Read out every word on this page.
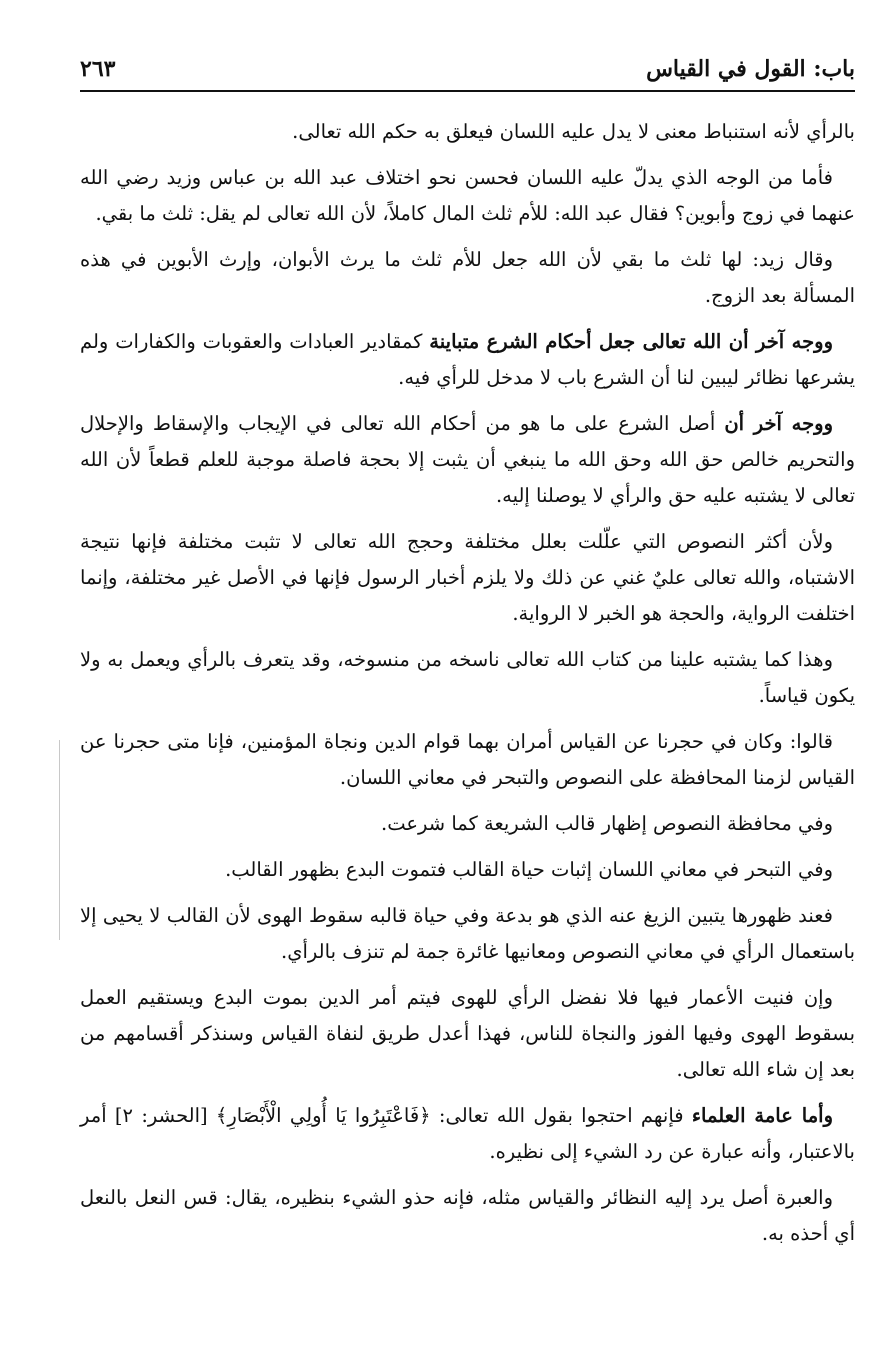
باب: القول في القياس
٢٦٣

بالرأي لأنه استنباط معنى لا يدل عليه اللسان فيعلق به حكم الله تعالى.

فأما من الوجه الذي يدلّ عليه اللسان فحسن نحو اختلاف عبد الله بن عباس وزيد رضي الله عنهما في زوج وأبوين؟ فقال عبد الله: للأم ثلث المال كاملاً، لأن الله تعالى لم يقل: ثلث ما بقي.

وقال زيد: لها ثلث ما بقي لأن الله جعل للأم ثلث ما يرث الأبوان، وإرث الأبوين في هذه المسألة بعد الزوج.

ووجه آخر أن الله تعالى جعل أحكام الشرع متباينة كمقادير العبادات والعقوبات والكفارات ولم يشرعها نظائر ليبين لنا أن الشرع باب لا مدخل للرأي فيه.

ووجه آخر أن أصل الشرع على ما هو من أحكام الله تعالى في الإيجاب والإسقاط والإحلال والتحريم خالص حق الله وحق الله ما ينبغي أن يثبت إلا بحجة فاصلة موجبة للعلم قطعاً لأن الله تعالى لا يشتبه عليه حق والرأي لا يوصلنا إليه.

ولأن أكثر النصوص التي علّلت بعلل مختلفة وحجج الله تعالى لا تثبت مختلفة فإنها نتيجة الاشتباه، والله تعالى عليٌ غني عن ذلك ولا يلزم أخبار الرسول فإنها في الأصل غير مختلفة، وإنما اختلفت الرواية، والحجة هو الخبر لا الرواية.

وهذا كما يشتبه علينا من كتاب الله تعالى ناسخه من منسوخه، وقد يتعرف بالرأي ويعمل به ولا يكون قياساً.

قالوا: وكان في حجرنا عن القياس أمران بهما قوام الدين ونجاة المؤمنين، فإنا متى حجرنا عن القياس لزمنا المحافظة على النصوص والتبحر في معاني اللسان.

وفي محافظة النصوص إظهار قالب الشريعة كما شرعت.

وفي التبحر في معاني اللسان إثبات حياة القالب فتموت البدع بظهور القالب.

فعند ظهورها يتبين الزيغ عنه الذي هو بدعة وفي حياة قالبه سقوط الهوى لأن القالب لا يحيى إلا باستعمال الرأي في معاني النصوص ومعانيها غائرة جمة لم تنزف بالرأي.

وإن فنيت الأعمار فيها فلا نفضل الرأي للهوى فيتم أمر الدين بموت البدع ويستقيم العمل بسقوط الهوى وفيها الفوز والنجاة للناس، فهذا أعدل طريق لنفاة القياس وسنذكر أقسامهم من بعد إن شاء الله تعالى.

وأما عامة العلماء فإنهم احتجوا بقول الله تعالى: ﴿فَاعْتَبِرُوا يَا أُولِي الْأَبْصَارِ﴾ [الحشر: ٢] أمر بالاعتبار، وأنه عبارة عن رد الشيء إلى نظيره.

والعبرة أصل يرد إليه النظائر والقياس مثله، فإنه حذو الشيء بنظيره، يقال: قس النعل بالنعل أي أحذه به.
